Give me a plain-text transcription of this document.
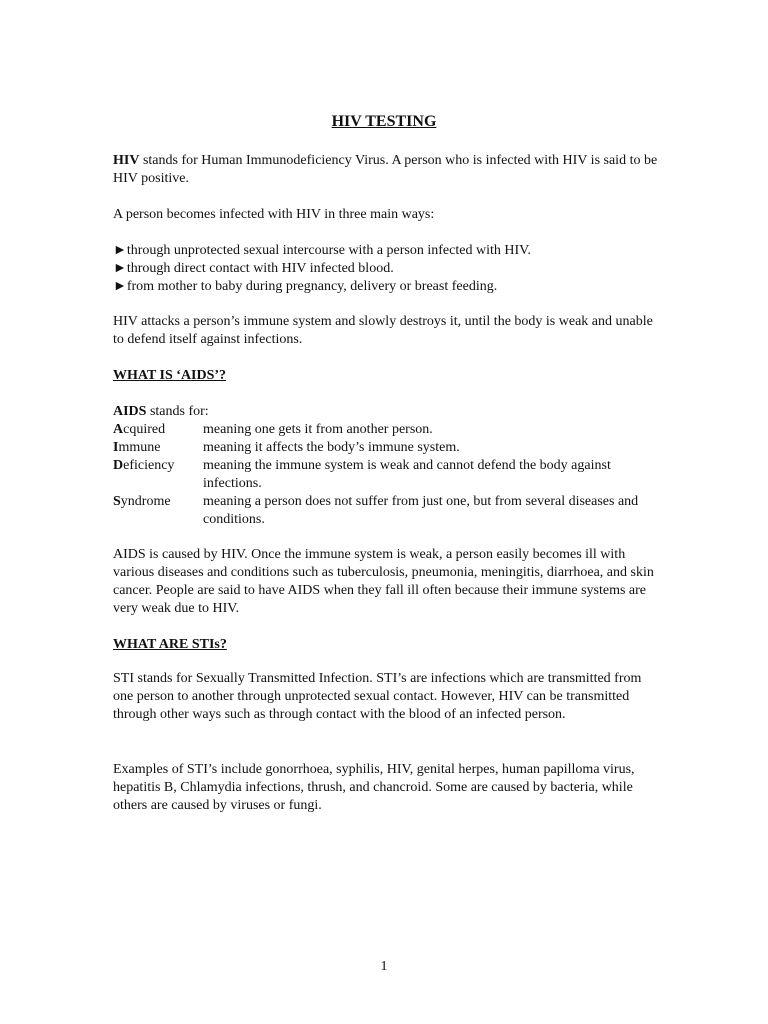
HIV TESTING

HIV stands for Human Immunodeficiency Virus. A person who is infected with HIV is said to be HIV positive.

A person becomes infected with HIV in three main ways:

►through unprotected sexual intercourse with a person infected with HIV.
►through direct contact with HIV infected blood.
►from mother to baby during pregnancy, delivery or breast feeding.

HIV attacks a person’s immune system and slowly destroys it, until the body is weak and unable to defend itself against infections.

WHAT IS ‘AIDS’?
AIDS stands for:
Acquired	meaning one gets it from another person.
Immune	meaning it affects the body’s immune system.
Deficiency	meaning the immune system is weak and cannot defend the body against infections.
Syndrome	meaning a person does not suffer from just one, but from several diseases and conditions.

AIDS is caused by HIV. Once the immune system is weak, a person easily becomes ill with various diseases and conditions such as tuberculosis, pneumonia, meningitis, diarrhoea, and skin cancer. People are said to have AIDS when they fall ill often because their immune systems are very weak due to HIV.

WHAT ARE STIs?

STI stands for Sexually Transmitted Infection. STI’s are infections which are transmitted from one person to another through unprotected sexual contact. However, HIV can be transmitted through other ways such as through contact with the blood of an infected person.

Examples of STI’s include gonorrhoea, syphilis, HIV, genital herpes, human papilloma virus, hepatitis B, Chlamydia infections, thrush, and chancroid. Some are caused by bacteria, while others are caused by viruses or fungi.

1
